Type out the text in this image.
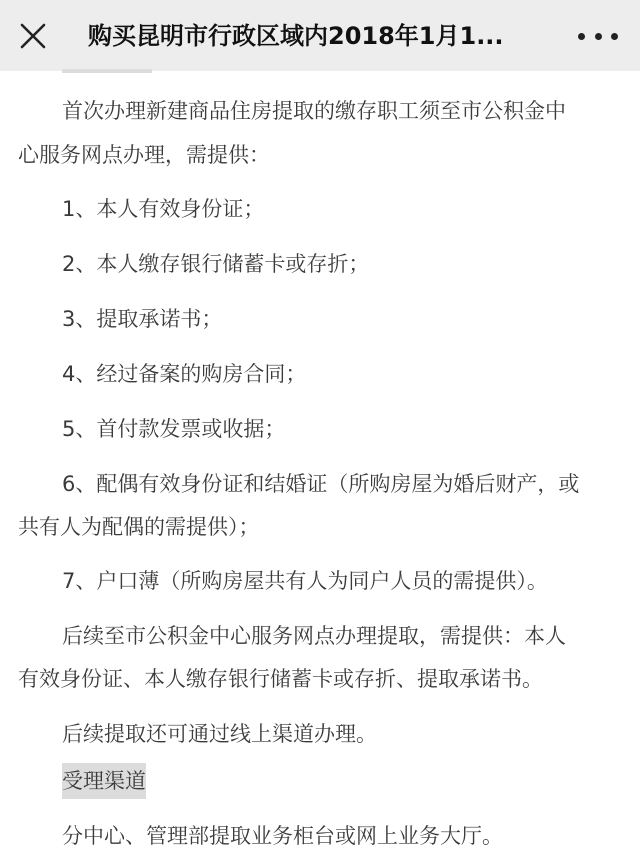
购买昆明市行政区域内2018年1月1...
首次办理新建商品住房提取的缴存职工须至市公积金中
心服务网点办理，需提供：
1、本人有效身份证；
2、本人缴存银行储蓄卡或存折；
3、提取承诺书；
4、经过备案的购房合同；
5、首付款发票或收据；
6、配偶有效身份证和结婚证（所购房屋为婚后财产，或
共有人为配偶的需提供）；
7、户口薄（所购房屋共有人为同户人员的需提供）。
后续至市公积金中心服务网点办理提取，需提供：本人
有效身份证、本人缴存银行储蓄卡或存折、提取承诺书。
后续提取还可通过线上渠道办理。
受理渠道
分中心、管理部提取业务柜台或网上业务大厅。
